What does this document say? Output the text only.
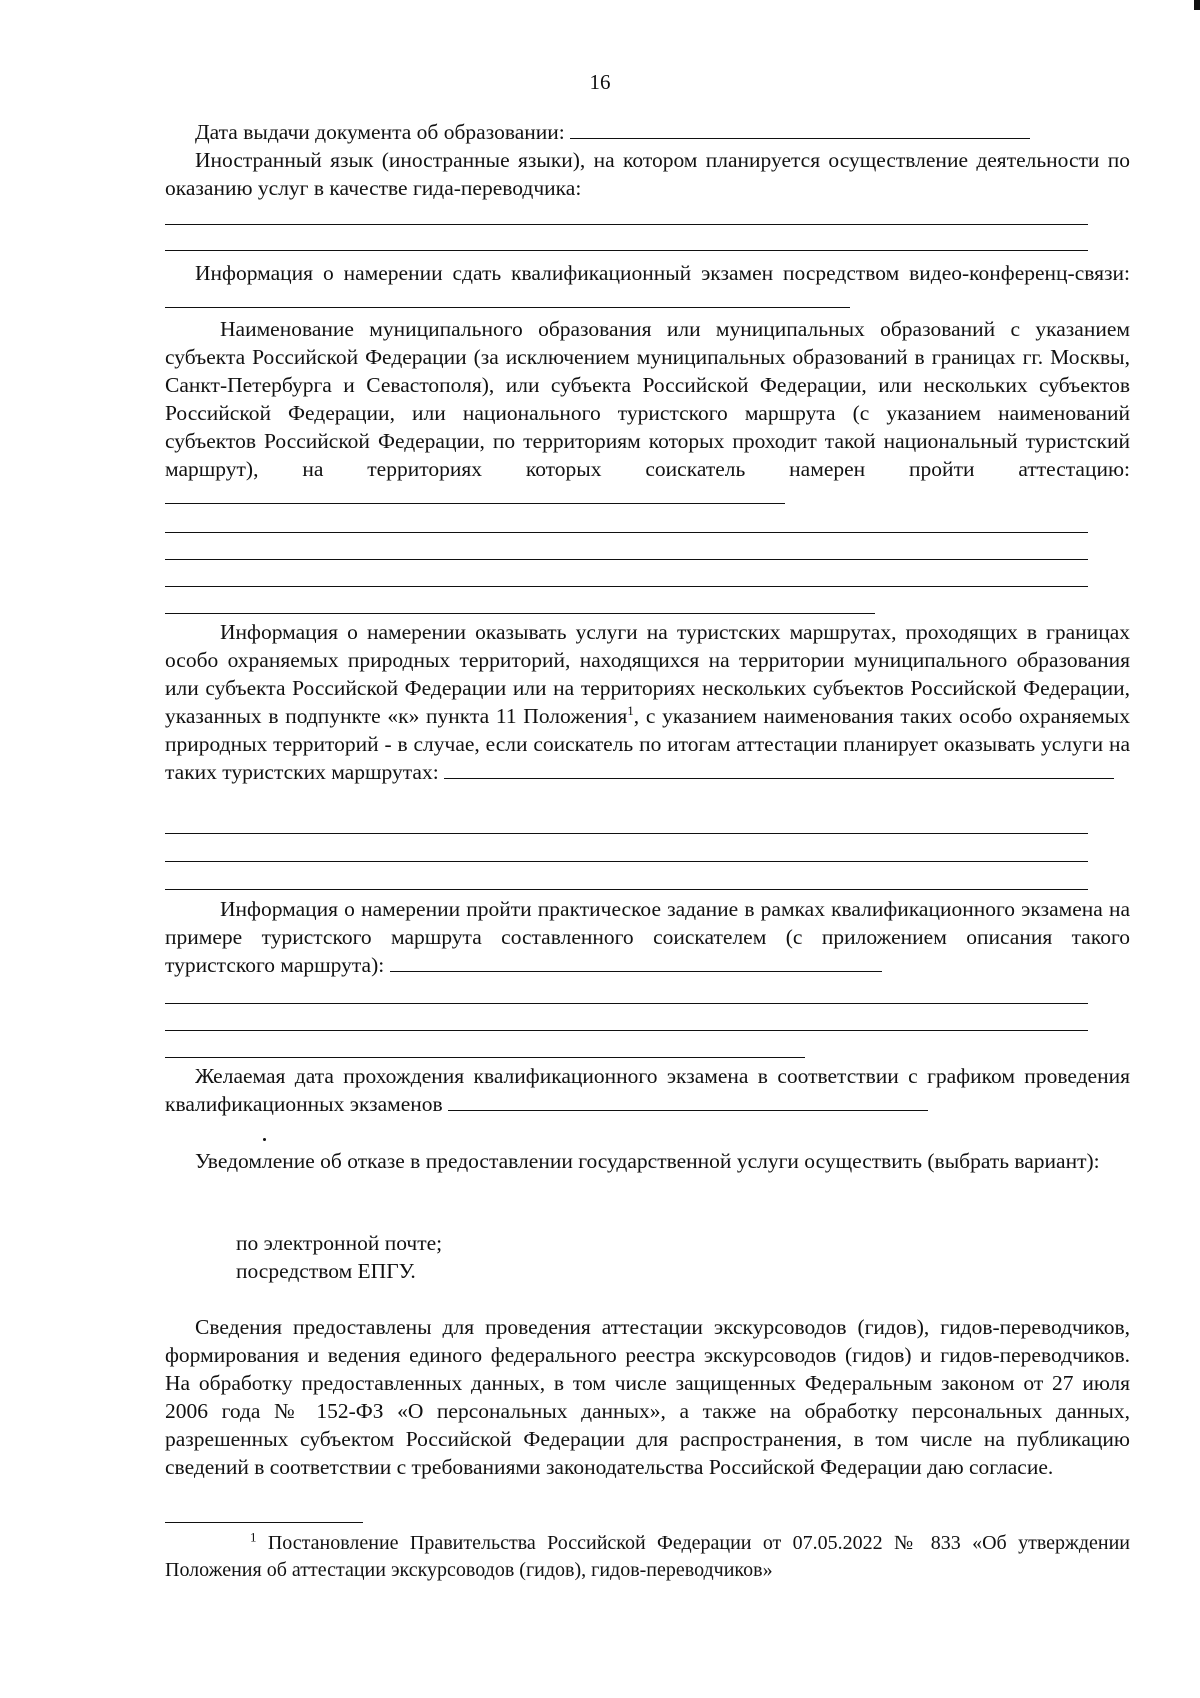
16
Дата выдачи документа об образовании:
Иностранный язык (иностранные языки), на котором планируется осуществление деятельности по оказанию услуг в качестве гида-переводчика:
Информация о намерении сдать квалификационный экзамен посредством видео-конференц-связи:
Наименование муниципального образования или муниципальных образований с указанием субъекта Российской Федерации (за исключением муниципальных образований в границах гг. Москвы, Санкт-Петербурга и Севастополя), или субъекта Российской Федерации, или нескольких субъектов Российской Федерации, или национального туристского маршрута (с указанием наименований субъектов Российской Федерации, по территориям которых проходит такой национальный туристский маршрут), на территориях которых соискатель намерен пройти аттестацию:
Информация о намерении оказывать услуги на туристских маршрутах, проходящих в границах особо охраняемых природных территорий, находящихся на территории муниципального образования или субъекта Российской Федерации или на территориях нескольких субъектов Российской Федерации, указанных в подпункте «к» пункта 11 Положения$^1$, с указанием наименования таких особо охраняемых природных территорий - в случае, если соискатель по итогам аттестации планирует оказывать услуги на таких туристских маршрутах:
Информация о намерении пройти практическое задание в рамках квалификационного экзамена на примере туристского маршрута составленного соискателем (с приложением описания такого туристского маршрута):
Желаемая дата прохождения квалификационного экзамена в соответствии с графиком проведения квалификационных экзаменов
Уведомление об отказе в предоставлении государственной услуги осуществить (выбрать вариант):
по электронной почте;
посредством ЕПГУ.
Сведения предоставлены для проведения аттестации экскурсоводов (гидов), гидов-переводчиков, формирования и ведения единого федерального реестра экскурсоводов (гидов) и гидов-переводчиков. На обработку предоставленных данных, в том числе защищенных Федеральным законом от 27 июля 2006 года № 152-ФЗ «О персональных данных», а также на обработку персональных данных, разрешенных субъектом Российской Федерации для распространения, в том числе на публикацию сведений в соответствии с требованиями законодательства Российской Федерации даю согласие.
$^1$ Постановление Правительства Российской Федерации от 07.05.2022 № 833 «Об утверждении Положения об аттестации экскурсоводов (гидов), гидов-переводчиков»
